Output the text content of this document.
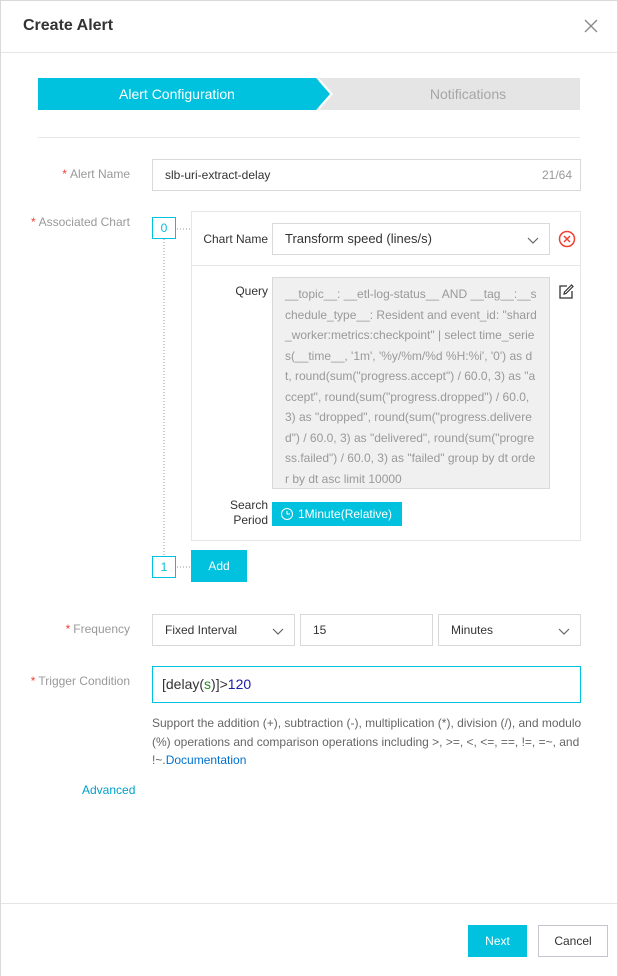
Create Alert
Notifications
Alert Configuration
* Alert Name	slb-uri-extract-delay	21/64
* Associated Chart	0
Chart Name	Transform speed (lines/s)
Query	__topic__: __etl-log-status__ AND __tag__:__schedule_type__: Resident and event_id: "shard_worker:metrics:checkpoint" | select time_series(__time__, '1m', '%y/%m/%d %H:%i', '0') as dt, round(sum("progress.accept") / 60.0, 3) as "accept", round(sum("progress.dropped") / 60.0, 3) as "dropped", round(sum("progress.delivered") / 60.0, 3) as "delivered", round(sum("progress.failed") / 60.0, 3) as "failed" group by dt order by dt asc limit 10000
Search
Period	1Minute(Relative)
1	Add
* Frequency	Fixed Interval	15	Minutes
* Trigger Condition	[delay(s)]>120
Support the addition (+), subtraction (-), multiplication (*), division (/), and modulo (%) operations and comparison operations including >, >=, <, <=, ==, !=, =~, and !~.Documentation
Advanced
Next	Cancel
